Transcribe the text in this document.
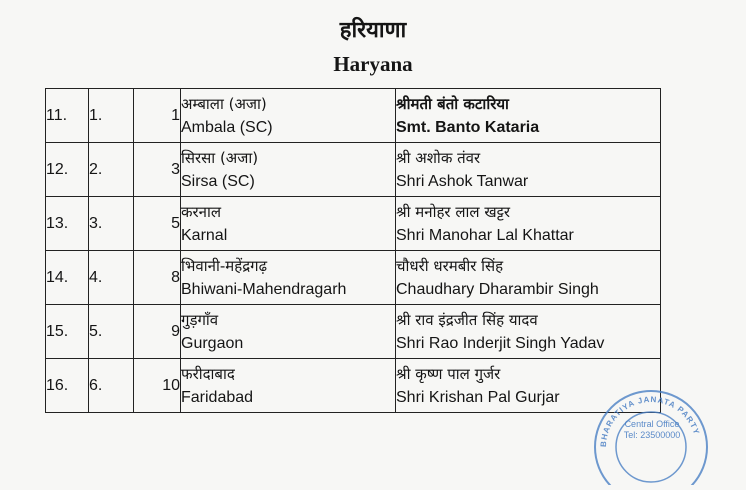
हरियाणा
Haryana
11.	1.	1	अम्बाला (अजा)
Ambala (SC)	श्रीमती बंतो कटारिया
Smt. Banto Kataria

12.	2.	3	सिरसा (अजा)
Sirsa (SC)	श्री अशोक तंवर
Shri Ashok Tanwar

13.	3.	5	करनाल
Karnal	श्री मनोहर लाल खट्टर
Shri Manohar Lal Khattar

14.	4.	8	भिवानी-महेंद्रगढ़
Bhiwani-Mahendragarh	चौधरी धरमबीर सिंह
Chaudhary Dharambir Singh

15.	5.	9	गुड़गाँव
Gurgaon	श्री राव इंद्रजीत सिंह यादव
Shri Rao Inderjit Singh Yadav

16.	6.	10	फरीदाबाद
Faridabad	श्री कृष्ण पाल गुर्जर
Shri Krishan Pal Gurjar
BHARATIYA JANATA PARTY
Central Office
Tel: 23500000
